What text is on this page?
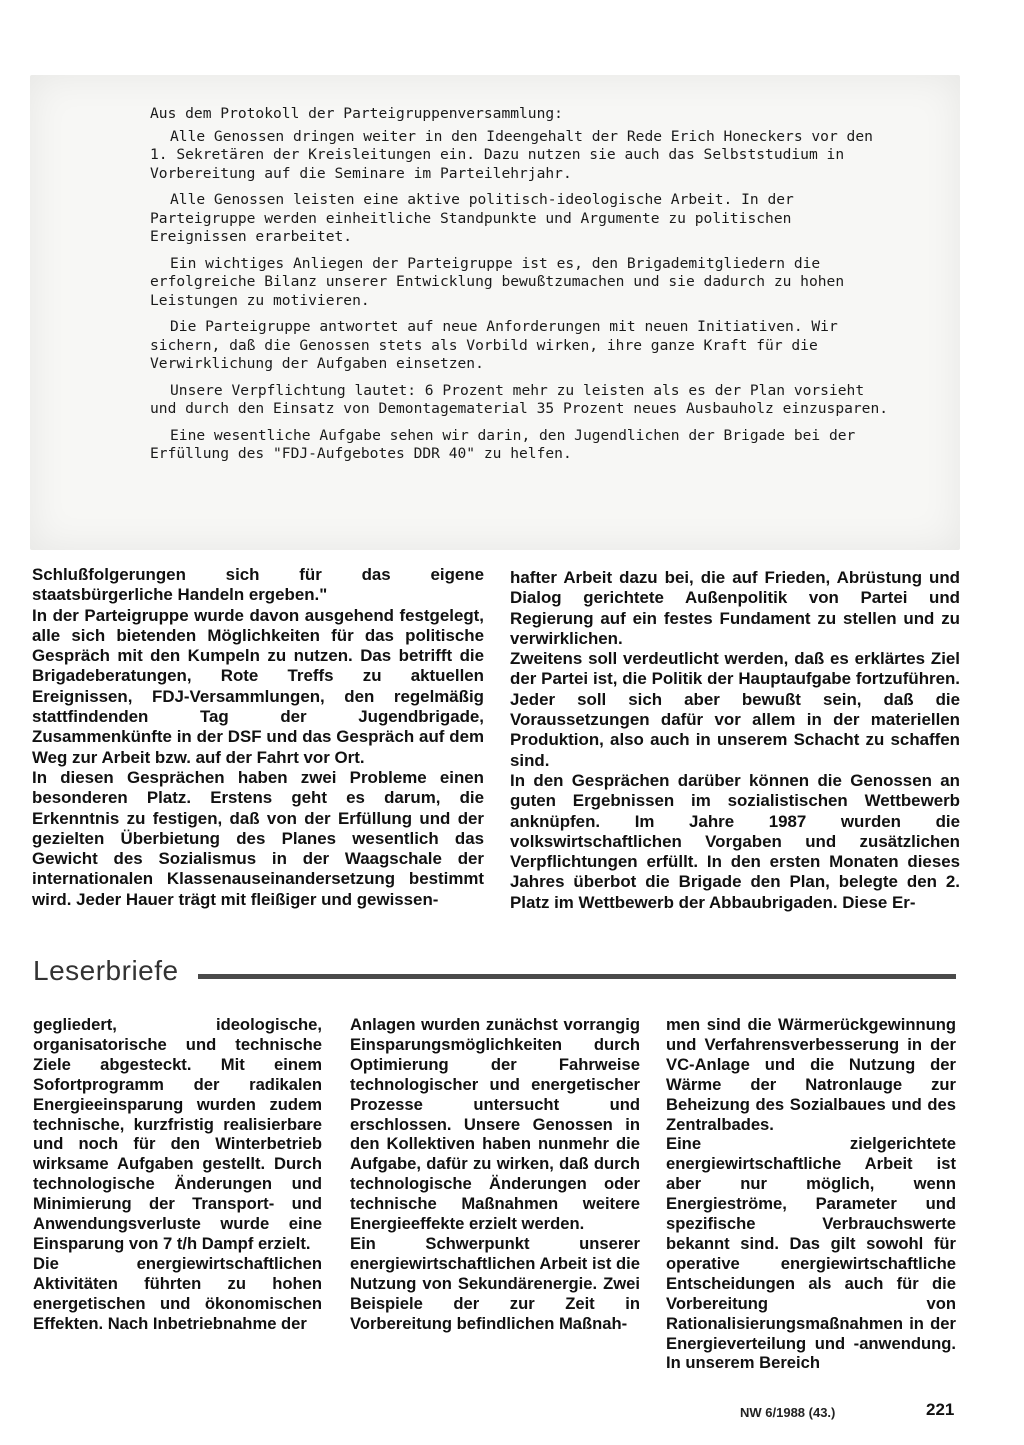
Aus dem Protokoll der Parteigruppenversammlung:

Alle Genossen dringen weiter in den Ideengehalt der Rede Erich Honeckers vor den 1. Sekretären der Kreisleitungen ein. Dazu nutzen sie auch das Selbststudium in Vorbereitung auf die Seminare im Parteilehrjahr.

Alle Genossen leisten eine aktive politisch-ideologische Arbeit. In der Parteigruppe werden einheitliche Standpunkte und Argumente zu politischen Ereignissen erarbeitet.

Ein wichtiges Anliegen der Parteigruppe ist es, den Brigademitgliedern die erfolgreiche Bilanz unserer Entwicklung bewußtzumachen und sie dadurch zu hohen Leistungen zu motivieren.

Die Parteigruppe antwortet auf neue Anforderungen mit neuen Initiativen. Wir sichern, daß die Genossen stets als Vorbild wirken, ihre ganze Kraft für die Verwirklichung der Aufgaben einsetzen.

Unsere Verpflichtung lautet: 6 Prozent mehr zu leisten als es der Plan vorsieht und durch den Einsatz von Demontagematerial 35 Prozent neues Ausbauholz einzusparen.

Eine wesentliche Aufgabe sehen wir darin, den Jugendlichen der Brigade bei der Erfüllung des "FDJ-Aufgebotes DDR 40" zu helfen.

Schlußfolgerungen sich für das eigene staatsbürgerliche Handeln ergeben."

In der Parteigruppe wurde davon ausgehend festgelegt, alle sich bietenden Möglichkeiten für das politische Gespräch mit den Kumpeln zu nutzen. Das betrifft die Brigadeberatungen, Rote Treffs zu aktuellen Ereignissen, FDJ-Versammlungen, den regelmäßig stattfindenden Tag der Jugendbrigade, Zusammenkünfte in der DSF und das Gespräch auf dem Weg zur Arbeit bzw. auf der Fahrt vor Ort.

In diesen Gesprächen haben zwei Probleme einen besonderen Platz. Erstens geht es darum, die Erkenntnis zu festigen, daß von der Erfüllung und der gezielten Überbietung des Planes wesentlich das Gewicht des Sozialismus in der Waagschale der internationalen Klassenauseinandersetzung bestimmt wird. Jeder Hauer trägt mit fleißiger und gewissen-

hafter Arbeit dazu bei, die auf Frieden, Abrüstung und Dialog gerichtete Außenpolitik von Partei und Regierung auf ein festes Fundament zu stellen und zu verwirklichen.

Zweitens soll verdeutlicht werden, daß es erklärtes Ziel der Partei ist, die Politik der Hauptaufgabe fortzuführen. Jeder soll sich aber bewußt sein, daß die Voraussetzungen dafür vor allem in der materiellen Produktion, also auch in unserem Schacht zu schaffen sind.

In den Gesprächen darüber können die Genossen an guten Ergebnissen im sozialistischen Wettbewerb anknüpfen. Im Jahre 1987 wurden die volkswirtschaftlichen Vorgaben und zusätzlichen Verpflichtungen erfüllt. In den ersten Monaten dieses Jahres überbot die Brigade den Plan, belegte den 2. Platz im Wettbewerb der Abbaubrigaden. Diese Er-

Leserbriefe

gegliedert, ideologische, organisatorische und technische Ziele abgesteckt. Mit einem Sofortprogramm der radikalen Energieeinsparung wurden zudem technische, kurzfristig realisierbare und noch für den Winterbetrieb wirksame Aufgaben gestellt. Durch technologische Änderungen und Minimierung der Transport- und Anwendungsverluste wurde eine Einsparung von 7 t/h Dampf erzielt.

Die energiewirtschaftlichen Aktivitäten führten zu hohen energetischen und ökonomischen Effekten. Nach Inbetriebnahme der

Anlagen wurden zunächst vorrangig Einsparungsmöglichkeiten durch Optimierung der Fahrweise technologischer und energetischer Prozesse untersucht und erschlossen. Unsere Genossen in den Kollektiven haben nunmehr die Aufgabe, dafür zu wirken, daß durch technologische Änderungen oder technische Maßnahmen weitere Energieeffekte erzielt werden.

Ein Schwerpunkt unserer energiewirtschaftlichen Arbeit ist die Nutzung von Sekundärenergie. Zwei Beispiele der zur Zeit in Vorbereitung befindlichen Maßnah-

men sind die Wärmerückgewinnung und Verfahrensverbesserung in der VC-Anlage und die Nutzung der Wärme der Natronlauge zur Beheizung des Sozialbaues und des Zentralbades.

Eine zielgerichtete energiewirtschaftliche Arbeit ist aber nur möglich, wenn Energieströme, Parameter und spezifische Verbrauchswerte bekannt sind. Das gilt sowohl für operative energiewirtschaftliche Entscheidungen als auch für die Vorbereitung von Rationalisierungsmaßnahmen in der Energieverteilung und -anwendung. In unserem Bereich

NW 6/1988 (43.)	221
